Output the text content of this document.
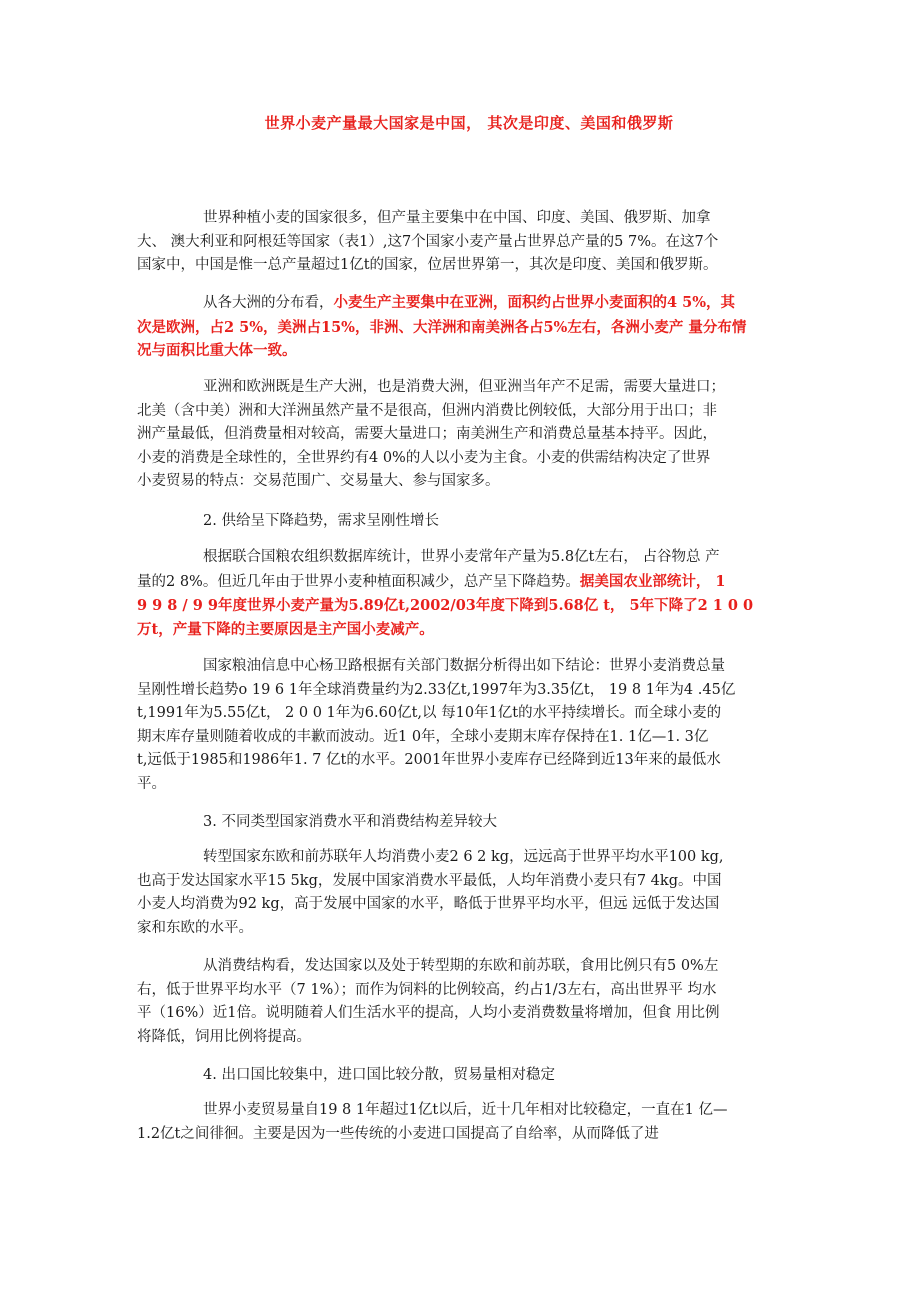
世界小麦产量最大国家是中国， 其次是印度、美国和俄罗斯
世界种植小麦的国家很多，但产量主要集中在中国、印度、美国、俄罗斯、加拿
大、 澳大利亚和阿根廷等国家（表1）,这7个国家小麦产量占世界总产量的5 7%。在这7个
国家中，中国是惟一总产量超过1亿t的国家，位居世界第一，其次是印度、美国和俄罗斯。
从各大洲的分布看，小麦生产主要集中在亚洲，面积约占世界小麦面积的4 5%，其
次是欧洲，占2 5%，美洲占15%，非洲、大洋洲和南美洲各占5%左右，各洲小麦产 量分布情
况与面积比重大体一致。
亚洲和欧洲既是生产大洲，也是消费大洲，但亚洲当年产不足需，需要大量进口；
北美（含中美）洲和大洋洲虽然产量不是很高，但洲内消费比例较低，大部分用于出口；非
洲产量最低，但消费量相对较高，需要大量进口；南美洲生产和消费总量基本持平。因此，
小麦的消费是全球性的，全世界约有4 0%的人以小麦为主食。小麦的供需结构决定了世界
小麦贸易的特点：交易范围广、交易量大、参与国家多。
2. 供给呈下降趋势，需求呈刚性增长
根据联合国粮农组织数据库统计，世界小麦常年产量为5.8亿t左右， 占谷物总 产
量的2 8%。但近几年由于世界小麦种植面积减少，总产呈下降趋势。据美国农业部统计， 1
9 9 8 / 9 9年度世界小麦产量为5.89亿t,2002/03年度下降到5.68亿 t， 5年下降了2 1 0 0
万t，产量下降的主要原因是主产国小麦减产。
国家粮油信息中心杨卫路根据有关部门数据分析得出如下结论：世界小麦消费总量
呈刚性增长趋势o 19 6 1年全球消费量约为2.33亿t,1997年为3.35亿t， 19 8 1年为4 .45亿
t,1991年为5.55亿t， 2 0 0 1年为6.60亿t,以 每10年1亿t的水平持续增长。而全球小麦的
期末库存量则随着收成的丰歉而波动。近1 0年，全球小麦期末库存保持在1. 1亿—1. 3亿
t,远低于1985和1986年1. 7 亿t的水平。2001年世界小麦库存已经降到近13年来的最低水
平。
3. 不同类型国家消费水平和消费结构差异较大
转型国家东欧和前苏联年人均消费小麦2 6 2 kg，远远高于世界平均水平100 kg,
也高于发达国家水平15 5kg，发展中国家消费水平最低，人均年消费小麦只有7 4kg。中国
小麦人均消费为92 kg，高于发展中国家的水平，略低于世界平均水平，但远 远低于发达国
家和东欧的水平。
从消费结构看，发达国家以及处于转型期的东欧和前苏联，食用比例只有5 0%左
右，低于世界平均水平（7 1%）；而作为饲料的比例较高，约占1/3左右，高出世界平 均水
平（16%）近1倍。说明随着人们生活水平的提高，人均小麦消费数量将增加，但食 用比例
将降低，饲用比例将提高。
4. 出口国比较集中，进口国比较分散，贸易量相对稳定
世界小麦贸易量自19 8 1年超过1亿t以后，近十几年相对比较稳定，一直在1 亿—
1.2亿t之间徘徊。主要是因为一些传统的小麦进口国提高了自给率，从而降低了进
